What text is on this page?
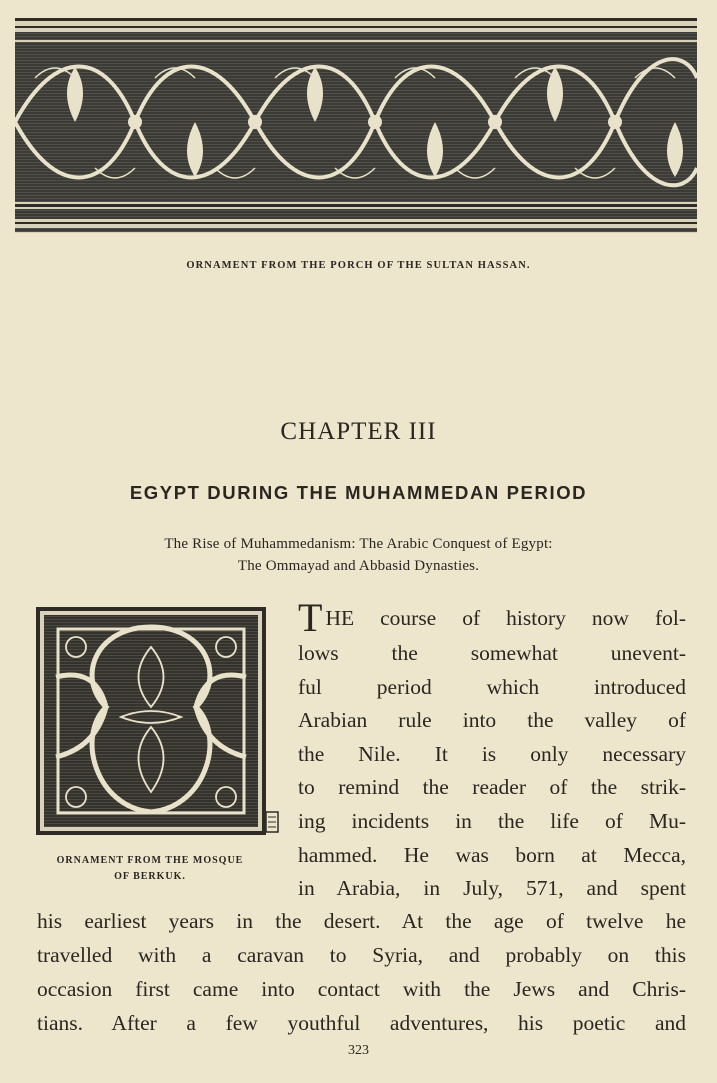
ORNAMENT FROM THE PORCH OF THE SULTAN HASSAN.
CHAPTER III
EGYPT DURING THE MUHAMMEDAN PERIOD
The Rise of Muhammedanism: The Arabic Conquest of Egypt:
The Ommayad and Abbasid Dynasties.
ORNAMENT FROM THE MOSQUE
OF BERKUK.
THE course of history now fol-
lows the somewhat unevent-
ful period which introduced
Arabian rule into the valley of
the Nile. It is only necessary
to remind the reader of the strik-
ing incidents in the life of Mu-
hammed. He was born at Mecca,
in Arabia, in July, 571, and spent
his earliest years in the desert. At the age of twelve he
travelled with a caravan to Syria, and probably on this
occasion first came into contact with the Jews and Chris-
tians. After a few youthful adventures, his poetic and
323
